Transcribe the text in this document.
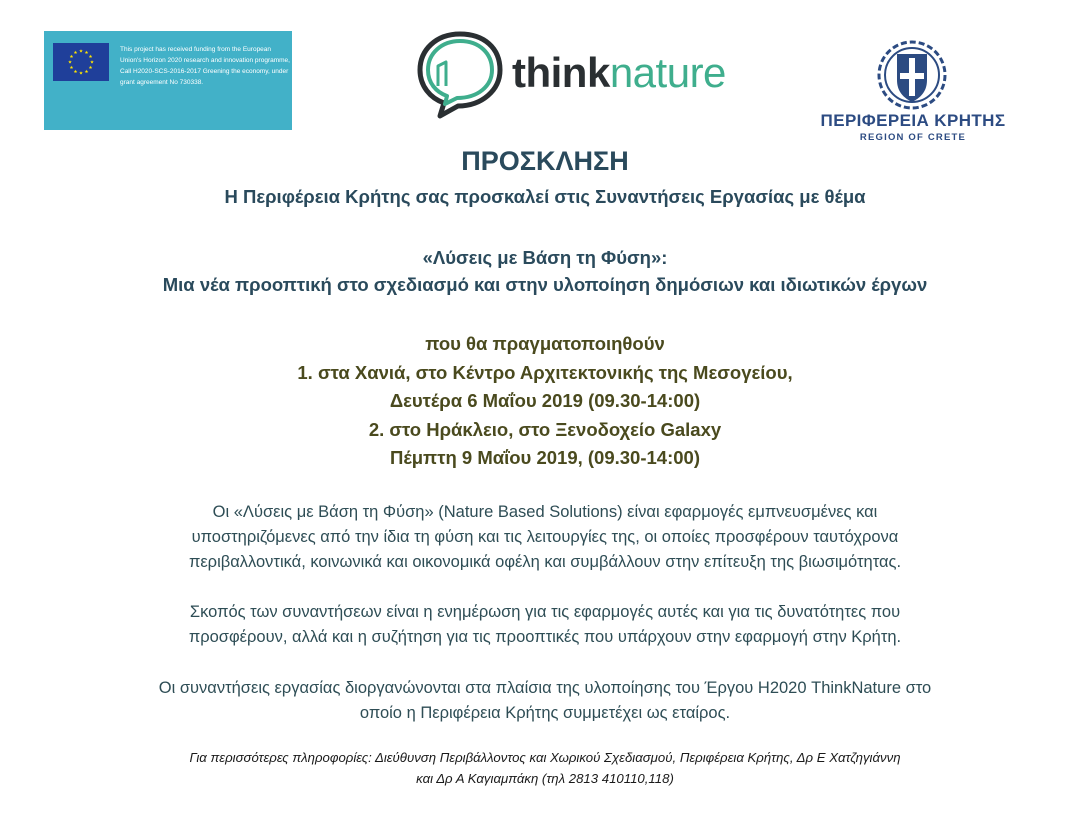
This project has received funding from the European Union's Horizon 2020 research and innovation programme, Call H2020-SCS-2016-2017 Greening the economy, under grant agreement No 730338.	thinknature
ΠΕΡΙΦΕΡΕΙΑ ΚΡΗΤΗΣ
REGION OF CRETE
ΠΡΟΣΚΛΗΣΗ
Η Περιφέρεια Κρήτης σας προσκαλεί στις Συναντήσεις Εργασίας με θέμα
«Λύσεις με Βάση τη Φύση»:
Μια νέα προοπτική στο σχεδιασμό και στην υλοποίηση δημόσιων και ιδιωτικών έργων
που θα πραγματοποιηθούν
1. στα Χανιά, στο Κέντρο Αρχιτεκτονικής της Μεσογείου,
Δευτέρα 6 Μαΐου 2019 (09.30-14:00)
2. στο Ηράκλειο, στο Ξενοδοχείο Galaxy
Πέμπτη 9 Μαΐου 2019, (09.30-14:00)
Οι «Λύσεις με Βάση τη Φύση» (Nature Based Solutions) είναι εφαρμογές εμπνευσμένες και
υποστηριζόμενες από την ίδια τη φύση και τις λειτουργίες της, οι οποίες προσφέρουν ταυτόχρονα
περιβαλλοντικά, κοινωνικά και οικονομικά οφέλη και συμβάλλουν στην επίτευξη της βιωσιμότητας.
Σκοπός των συναντήσεων είναι η ενημέρωση για τις εφαρμογές αυτές και για τις δυνατότητες που
προσφέρουν, αλλά και η συζήτηση για τις προοπτικές που υπάρχουν στην εφαρμογή στην Κρήτη.
Οι συναντήσεις εργασίας διοργανώνονται στα πλαίσια της υλοποίησης του Έργου Η2020 ThinkNature στο
οποίο η Περιφέρεια Κρήτης συμμετέχει ως εταίρος.
Για περισσότερες πληροφορίες: Διεύθυνση Περιβάλλοντος και Χωρικού Σχεδιασμού, Περιφέρεια Κρήτης, Δρ Ε Χατζηγιάννη
και Δρ Α Καγιαμπάκη (τηλ 2813 410110,118)
